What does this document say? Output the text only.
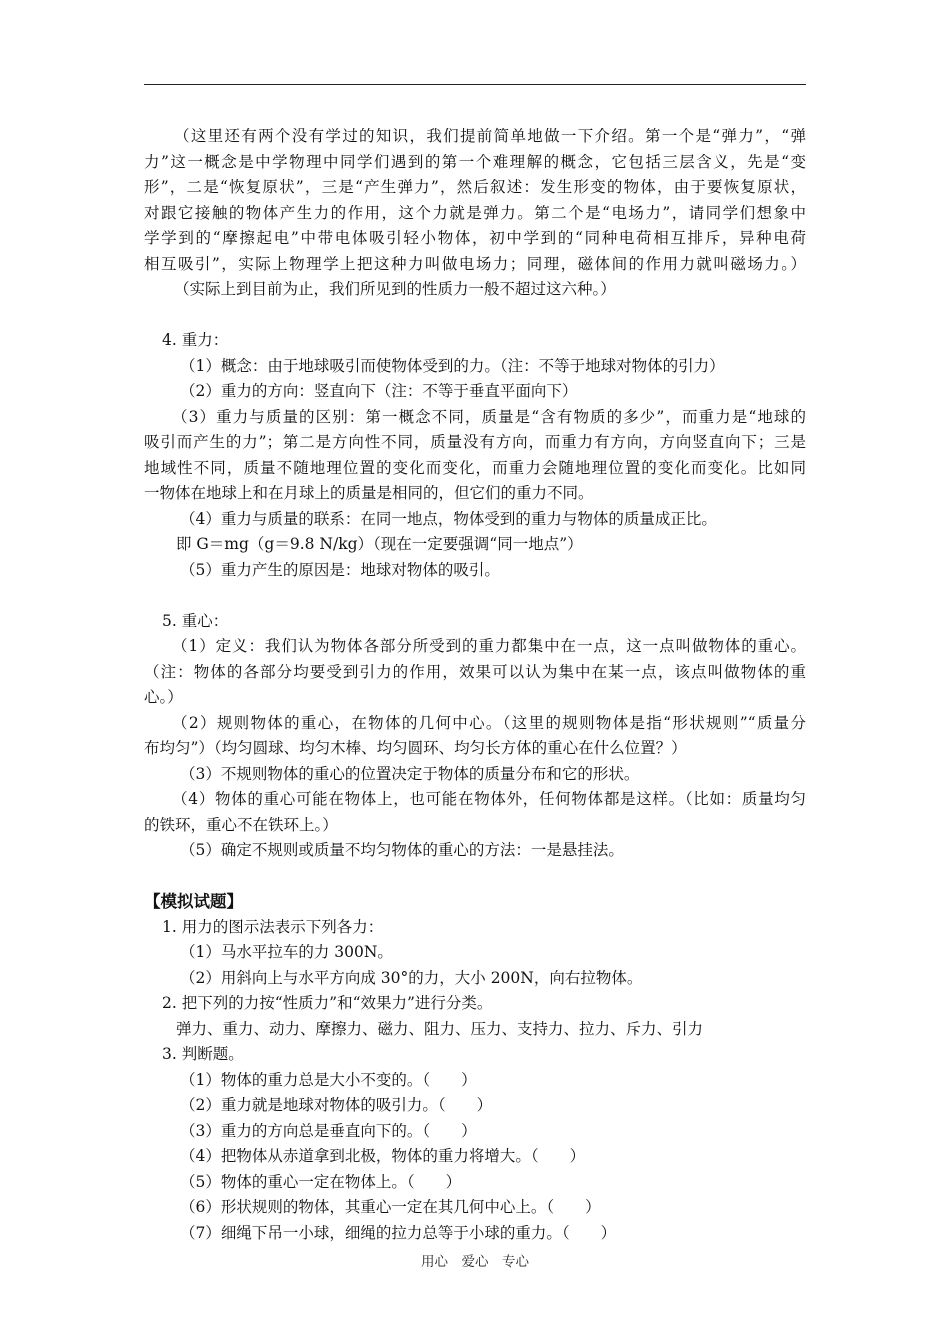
（这里还有两个没有学过的知识，我们提前简单地做一下介绍。第一个是“弹力”，“弹
力”这一概念是中学物理中同学们遇到的第一个难理解的概念，它包括三层含义，先是“变
形”，二是“恢复原状”，三是“产生弹力”，然后叙述：发生形变的物体，由于要恢复原状，
对跟它接触的物体产生力的作用，这个力就是弹力。第二个是“电场力”，请同学们想象中
学学到的“摩擦起电”中带电体吸引轻小物体，初中学到的“同种电荷相互排斥，异种电荷
相互吸引”，实际上物理学上把这种力叫做电场力；同理，磁体间的作用力就叫磁场力。）
（实际上到目前为止，我们所见到的性质力一般不超过这六种。）
4. 重力：
（1）概念：由于地球吸引而使物体受到的力。（注：不等于地球对物体的引力）
（2）重力的方向：竖直向下（注：不等于垂直平面向下）
（3）重力与质量的区别：第一概念不同，质量是“含有物质的多少”，而重力是“地球的
吸引而产生的力”；第二是方向性不同，质量没有方向，而重力有方向，方向竖直向下；三是
地域性不同，质量不随地理位置的变化而变化，而重力会随地理位置的变化而变化。比如同
一物体在地球上和在月球上的质量是相同的，但它们的重力不同。
（4）重力与质量的联系：在同一地点，物体受到的重力与物体的质量成正比。
即 G＝mg（g＝9.8 N/kg）（现在一定要强调“同一地点”）
（5）重力产生的原因是：地球对物体的吸引。
5. 重心：
（1）定义：我们认为物体各部分所受到的重力都集中在一点，这一点叫做物体的重心。
（注：物体的各部分均要受到引力的作用，效果可以认为集中在某一点，该点叫做物体的重
心。）
（2）规则物体的重心，在物体的几何中心。（这里的规则物体是指“形状规则”“质量分
布均匀”）（均匀圆球、均匀木棒、均匀圆环、均匀长方体的重心在什么位置？）
（3）不规则物体的重心的位置决定于物体的质量分布和它的形状。
（4）物体的重心可能在物体上，也可能在物体外，任何物体都是这样。（比如：质量均匀
的铁环，重心不在铁环上。）
（5）确定不规则或质量不均匀物体的重心的方法：一是悬挂法。
【模拟试题】
1. 用力的图示法表示下列各力：
（1）马水平拉车的力 300N。
（2）用斜向上与水平方向成 30°的力，大小 200N，向右拉物体。
2. 把下列的力按“性质力”和“效果力”进行分类。
弹力、重力、动力、摩擦力、磁力、阻力、压力、支持力、拉力、斥力、引力
3. 判断题。
（1）物体的重力总是大小不变的。（　　）
（2）重力就是地球对物体的吸引力。（　　）
（3）重力的方向总是垂直向下的。（　　）
（4）把物体从赤道拿到北极，物体的重力将增大。（　　）
（5）物体的重心一定在物体上。（　　）
（6）形状规则的物体，其重心一定在其几何中心上。（　　）
（7）细绳下吊一小球，细绳的拉力总等于小球的重力。（　　）
用心　爱心　专心
